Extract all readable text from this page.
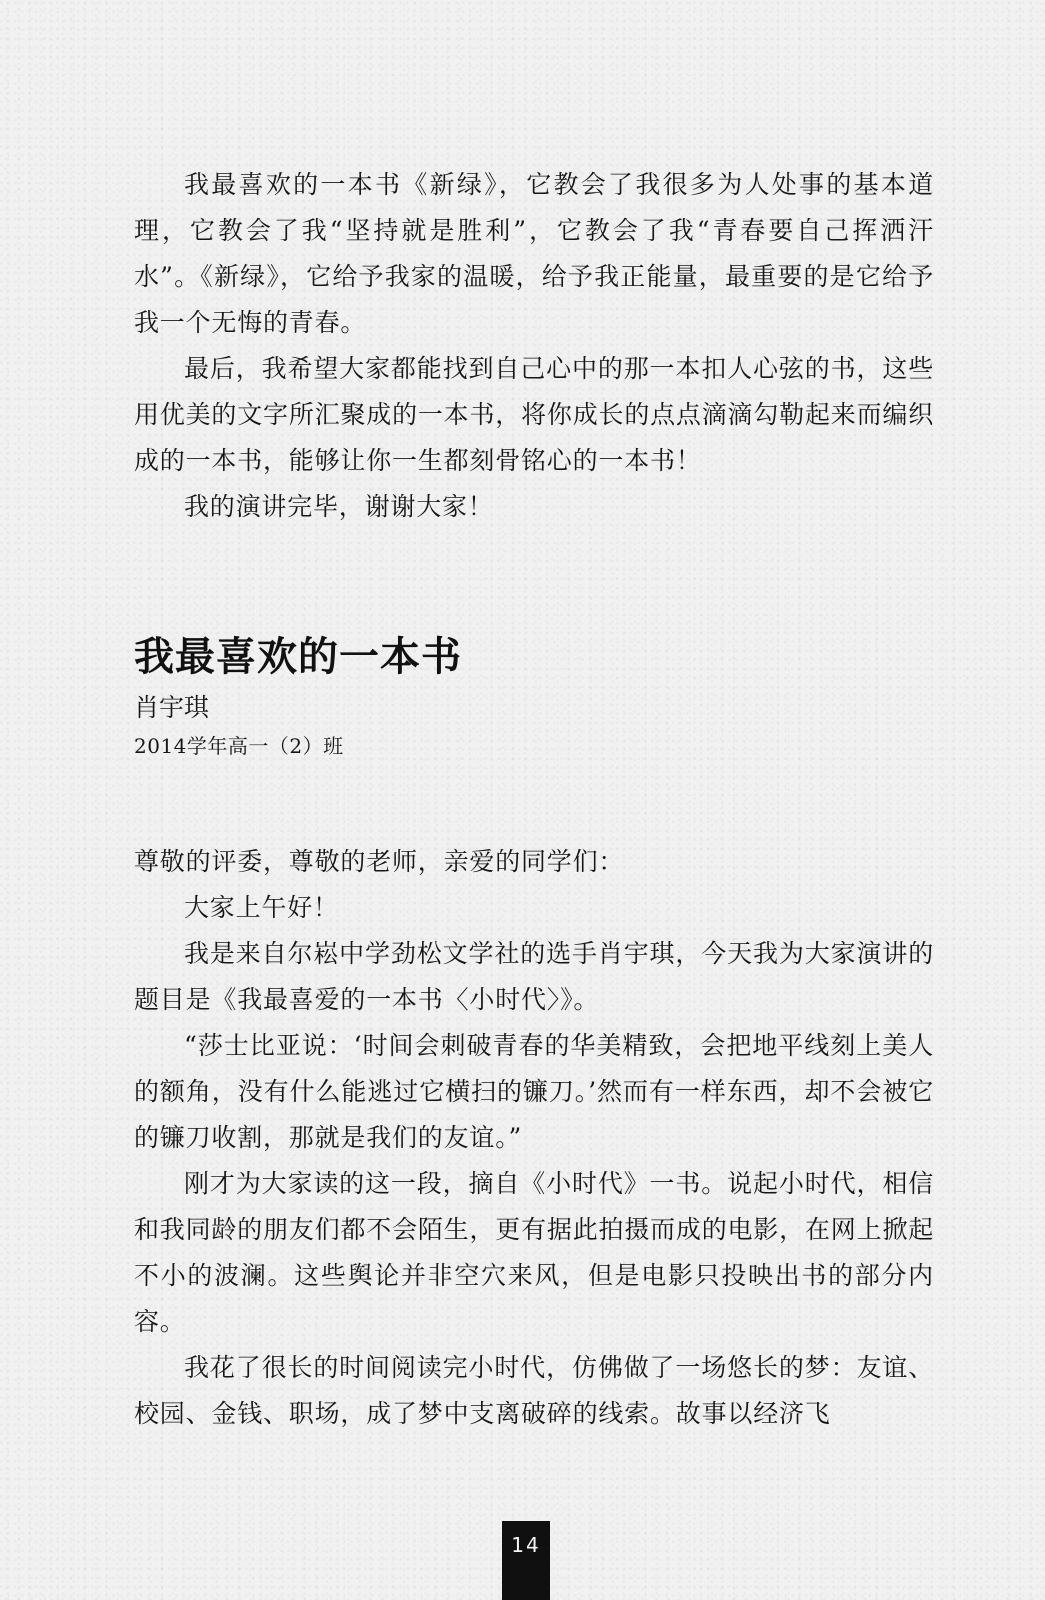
我最喜欢的一本书《新绿》，它教会了我很多为人处事的基本道理，它教会了我“坚持就是胜利”，它教会了我“青春要自己挥洒汗水”。《新绿》，它给予我家的温暖，给予我正能量，最重要的是它给予我一个无悔的青春。

最后，我希望大家都能找到自己心中的那一本扣人心弦的书，这些用优美的文字所汇聚成的一本书，将你成长的点点滴滴勾勒起来而编织成的一本书，能够让你一生都刻骨铭心的一本书！

我的演讲完毕，谢谢大家！

我最喜欢的一本书

肖宇琪

2014学年高一（2）班

尊敬的评委，尊敬的老师，亲爱的同学们：

大家上午好！

我是来自尔崧中学劲松文学社的选手肖宇琪，今天我为大家演讲的题目是《我最喜爱的一本书〈小时代〉》。

“莎士比亚说：‘时间会刺破青春的华美精致，会把地平线刻上美人的额角，没有什么能逃过它横扫的镰刀。’然而有一样东西，却不会被它的镰刀收割，那就是我们的友谊。”

刚才为大家读的这一段，摘自《小时代》一书。说起小时代，相信和我同龄的朋友们都不会陌生，更有据此拍摄而成的电影，在网上掀起不小的波澜。这些舆论并非空穴来风，但是电影只投映出书的部分内容。

我花了很长的时间阅读完小时代，仿佛做了一场悠长的梦：友谊、校园、金钱、职场，成了梦中支离破碎的线索。故事以经济飞

14
